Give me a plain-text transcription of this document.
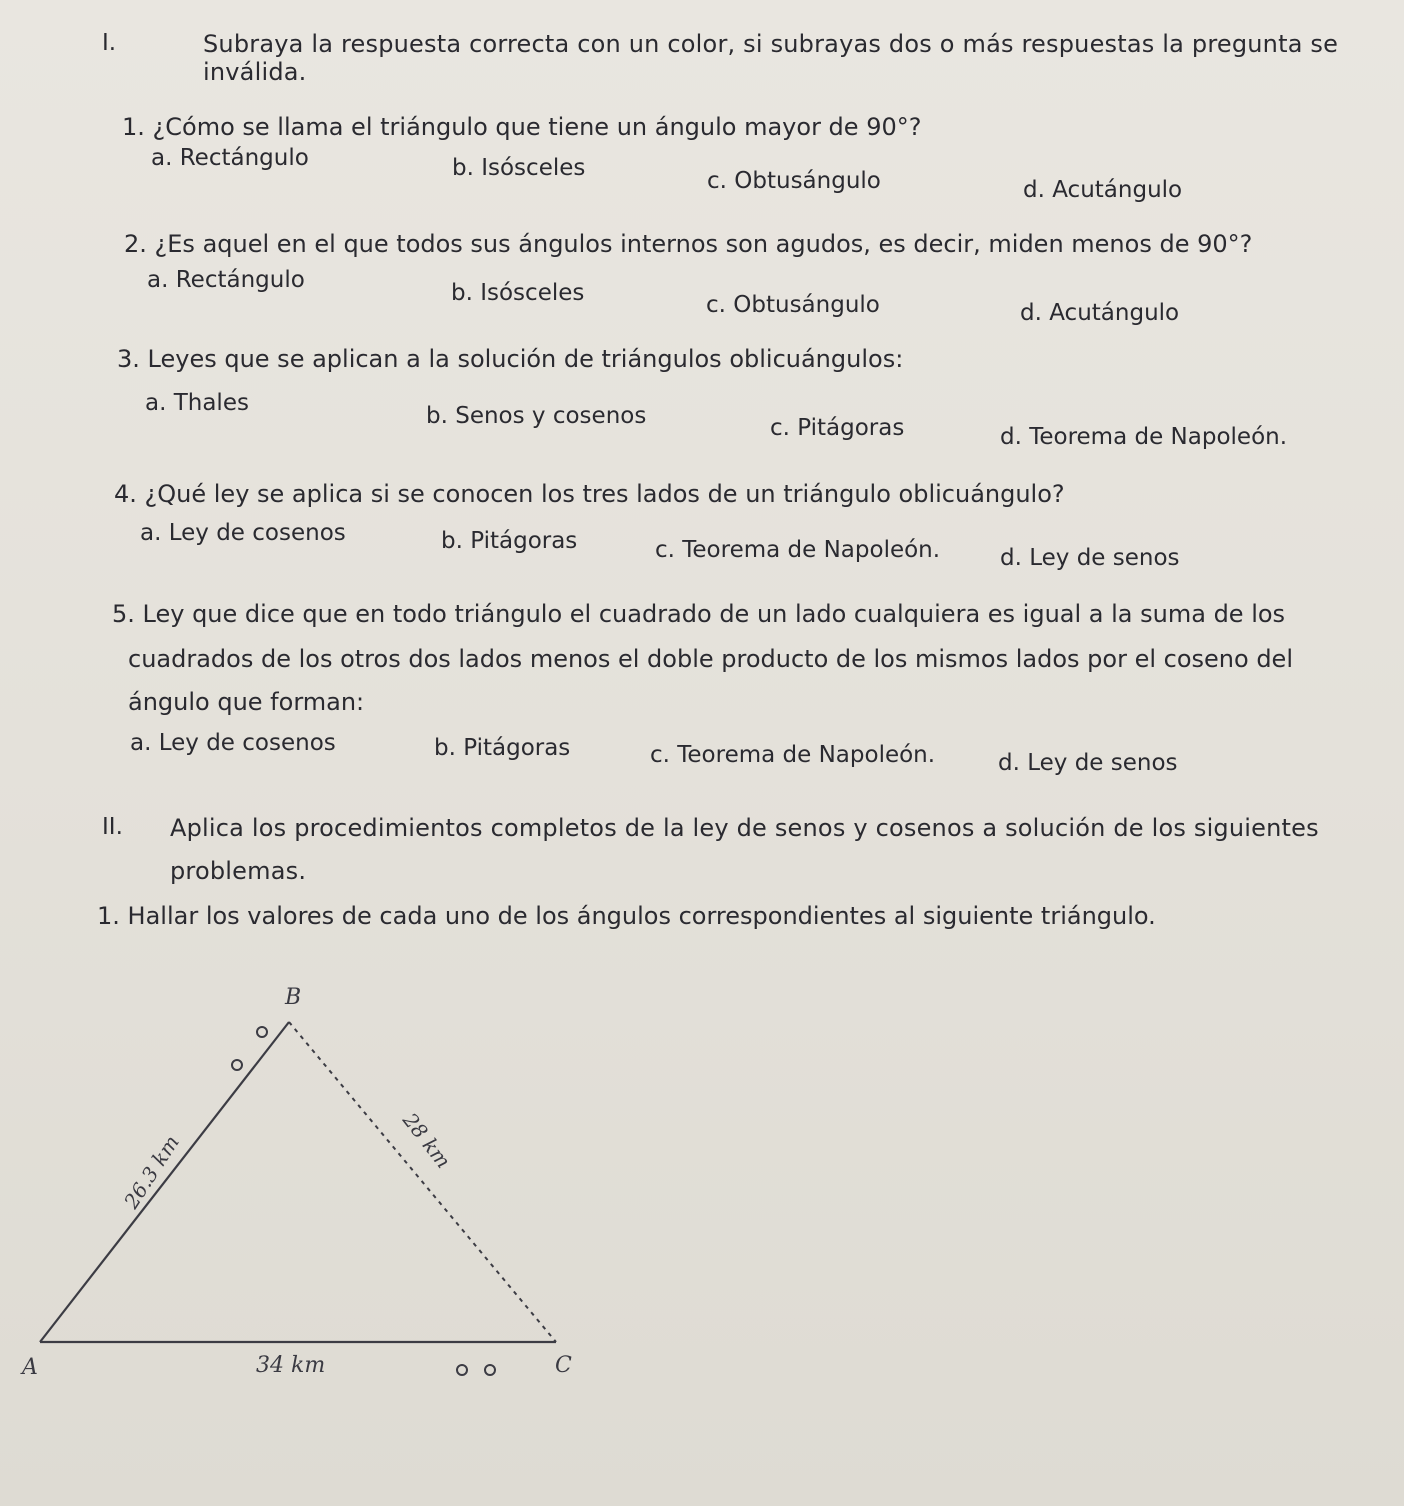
I.	Subraya la respuesta correcta con un color, si subrayas dos o más respuestas la pregunta se
inválida.
1. ¿Cómo se llama el triángulo que tiene un ángulo mayor de 90°?
a. Rectángulo	b. Isósceles	c. Obtusángulo	d. Acutángulo
2. ¿Es aquel en el que todos sus ángulos internos son agudos, es decir, miden menos de 90°?
a. Rectángulo	b. Isósceles	c. Obtusángulo	d. Acutángulo
3. Leyes que se aplican a la solución de triángulos oblicuángulos:
a. Thales	b. Senos y cosenos	c. Pitágoras	d. Teorema de Napoleón.
4. ¿Qué ley se aplica si se conocen los tres lados de un triángulo oblicuángulo?
a. Ley de cosenos	b. Pitágoras	c. Teorema de Napoleón.	d. Ley de senos
5. Ley que dice que en todo triángulo el cuadrado de un lado cualquiera es igual a la suma de los
cuadrados de los otros dos lados menos el doble producto de los mismos lados por el coseno del
ángulo que forman:
a. Ley de cosenos	b. Pitágoras	c. Teorema de Napoleón.	d. Ley de senos
II. Aplica los procedimientos completos de la ley de senos y cosenos a solución de los siguientes
problemas.
1. Hallar los valores de cada uno de los ángulos correspondientes al siguiente triángulo.
B
A	C
34 km
26.3 km	28 km
